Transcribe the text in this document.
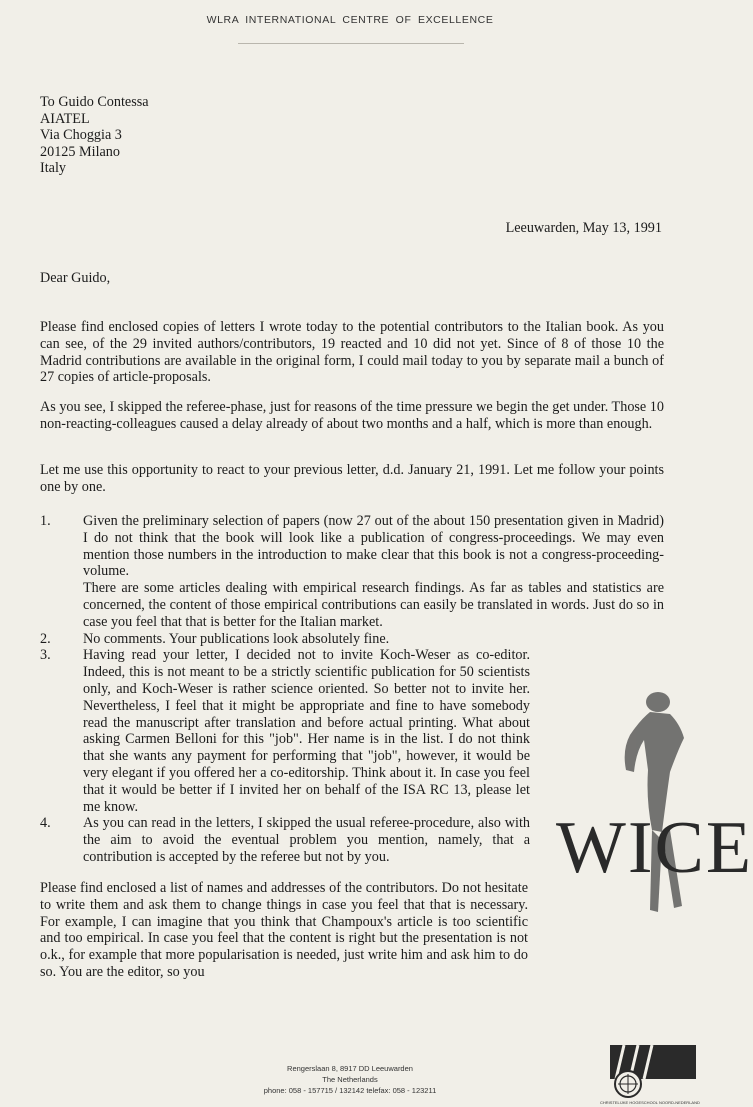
WLRA INTERNATIONAL CENTRE OF EXCELLENCE
To Guido Contessa
AIATEL
Via Choggia 3
20125 Milano
Italy
Leeuwarden, May 13, 1991
Dear Guido,
Please find enclosed copies of letters I wrote today to the potential contributors to the Italian book. As you can see, of the 29 invited authors/contributors, 19 reacted and 10 did not yet. Since of 8 of those 10 the Madrid contributions are available in the original form, I could mail today to you by separate mail a bunch of 27 copies of article-proposals.
As you see, I skipped the referee-phase, just for reasons of the time pressure we begin the get under. Those 10 non-reacting-colleagues caused a delay already of about two months and a half, which is more than enough.
Let me use this opportunity to react to your previous letter, d.d. January 21, 1991. Let me follow your points one by one.
1. Given the preliminary selection of papers (now 27 out of the about 150 presentation given in Madrid) I do not think that the book will look like a publication of congress-proceedings. We may even mention those numbers in the introduction to make clear that this book is not a congress-proceeding-volume.
There are some articles dealing with empirical research findings. As far as tables and statistics are concerned, the content of those empirical contributions can easily be translated in words. Just do so in case you feel that that is better for the Italian market.
2. No comments. Your publications look absolutely fine.
3. Having read your letter, I decided not to invite Koch-Weser as co-editor. Indeed, this is not meant to be a strictly scientific publication for 50 scientists only, and Koch-Weser is rather science oriented. So better not to invite her. Nevertheless, I feel that it might be appropriate and fine to have somebody read the manuscript after translation and before actual printing. What about asking Carmen Belloni for this "job". Her name is in the list. I do not think that she wants any payment for performing that "job", however, it would be very elegant if you offered her a co-editorship. Think about it. In case you feel that it would be better if I invited her on behalf of the ISA RC 13, please let me know.
4. As you can read in the letters, I skipped the usual referee-procedure, also with the aim to avoid the eventual problem you mention, namely, that a contribution is accepted by the referee but not by you.
Please find enclosed a list of names and addresses of the contributors. Do not hesitate to write them and ask them to change things in case you feel that that is necessary. For example, I can imagine that you think that Champoux's article is too scientific and too empirical. In case you feel that the content is right but the presentation is not o.k., for example that more popularisation is needed, just write him and ask him to do so. You are the editor, so you
WICE
Rengerslaan 8, 8917 DD Leeuwarden
The Netherlands
phone: 058 - 157715 / 132142 telefax: 058 - 123211
CHRISTELIJKE HOGESCHOOL NOORD-NEDERLAND
